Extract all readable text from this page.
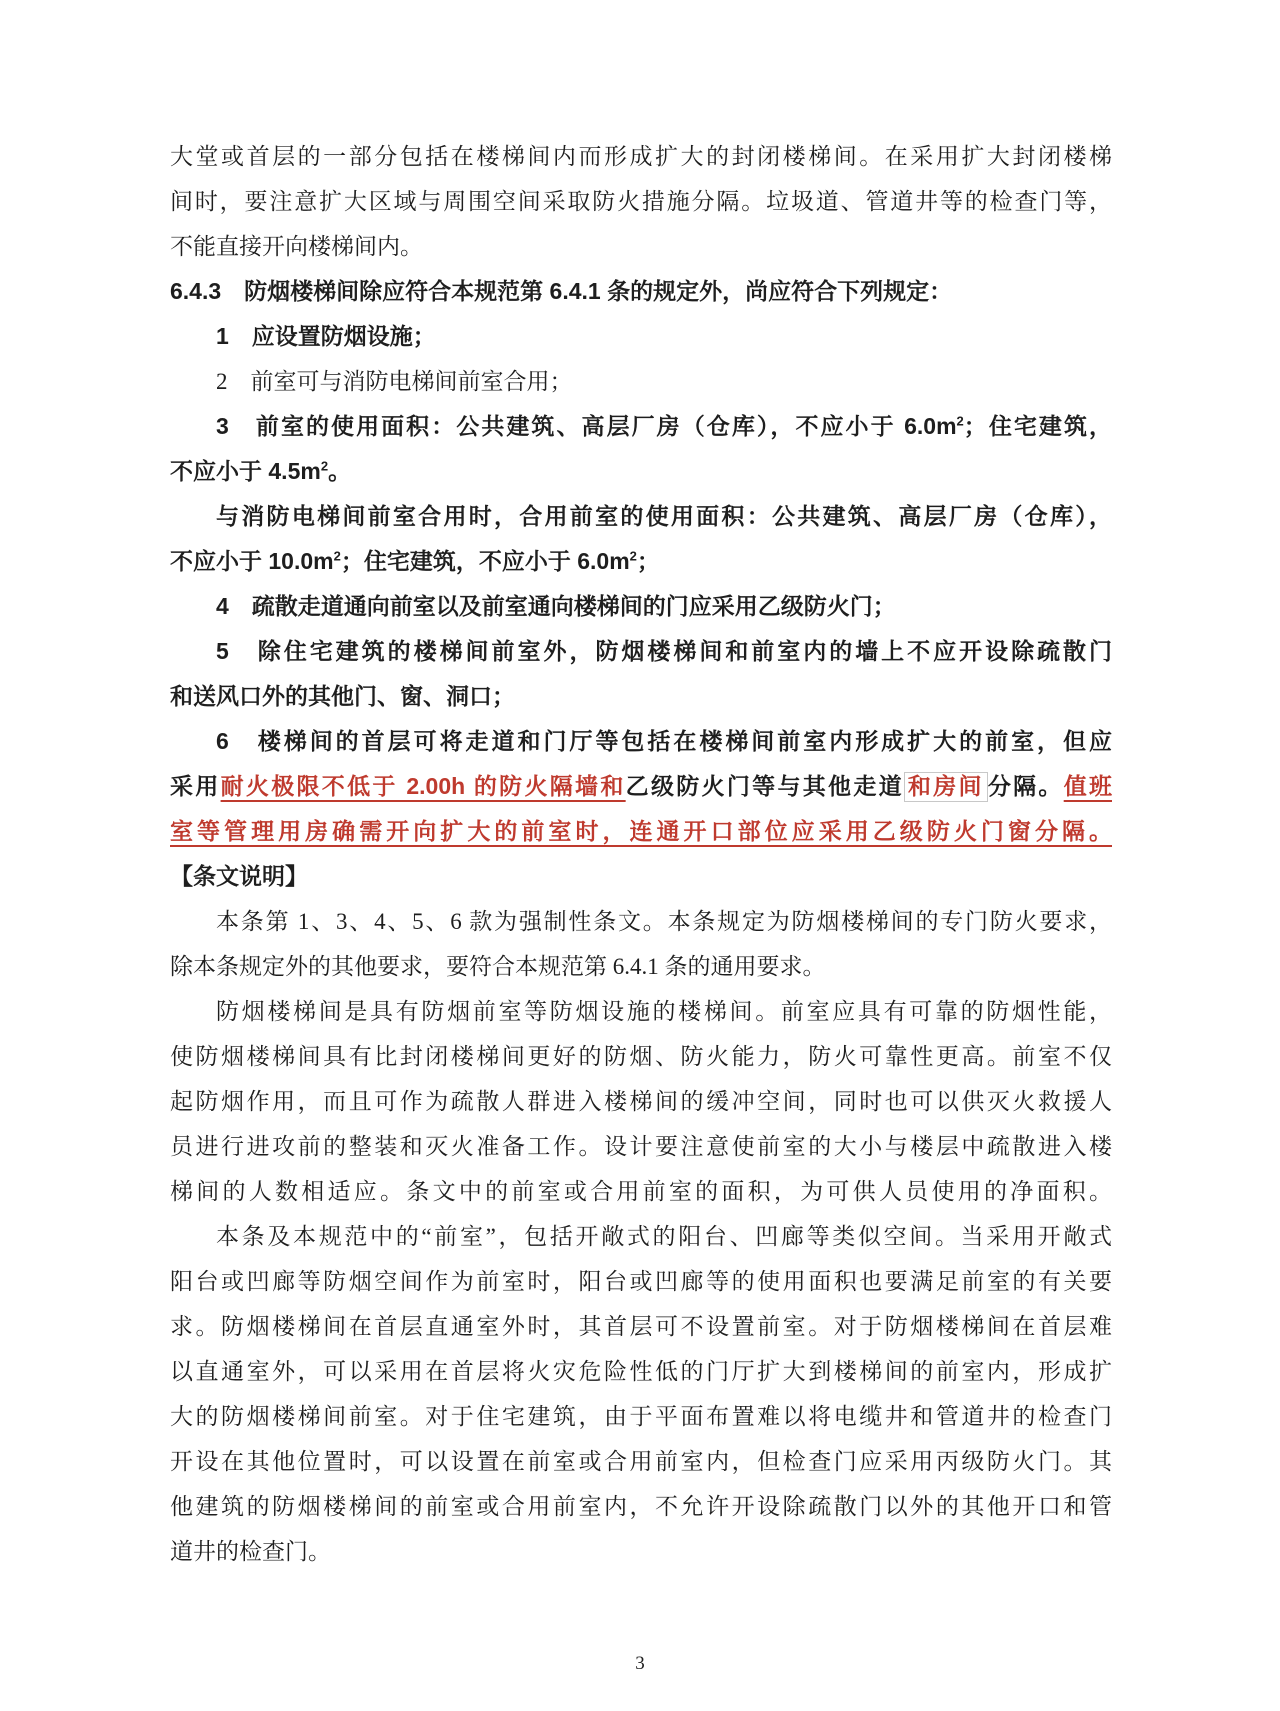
大堂或首层的一部分包括在楼梯间内而形成扩大的封闭楼梯间。在采用扩大封闭楼梯
间时，要注意扩大区域与周围空间采取防火措施分隔。垃圾道、管道井等的检查门等，
不能直接开向楼梯间内。
6.4.3　防烟楼梯间除应符合本规范第 6.4.1 条的规定外，尚应符合下列规定：
1　应设置防烟设施；
2　前室可与消防电梯间前室合用；
3　前室的使用面积：公共建筑、高层厂房（仓库），不应小于 $6.0m^2$；住宅建筑，
不应小于 $4.5m^2$。
与消防电梯间前室合用时，合用前室的使用面积：公共建筑、高层厂房（仓库），
不应小于 $10.0m^2$；住宅建筑，不应小于 $6.0m^2$；
4　疏散走道通向前室以及前室通向楼梯间的门应采用乙级防火门；
5　除住宅建筑的楼梯间前室外，防烟楼梯间和前室内的墙上不应开设除疏散门
和送风口外的其他门、窗、洞口；
6　楼梯间的首层可将走道和门厅等包括在楼梯间前室内形成扩大的前室，但应
采用耐火极限不低于 2.00h 的防火隔墙和乙级防火门等与其他走道 和房间 分隔。值班
室等管理用房确需开向扩大的前室时，连通开口部位应采用乙级防火门窗分隔。
【条文说明】
本条第 1、3、4、5、6 款为强制性条文。本条规定为防烟楼梯间的专门防火要求，
除本条规定外的其他要求，要符合本规范第 6.4.1 条的通用要求。
防烟楼梯间是具有防烟前室等防烟设施的楼梯间。前室应具有可靠的防烟性能，
使防烟楼梯间具有比封闭楼梯间更好的防烟、防火能力，防火可靠性更高。前室不仅
起防烟作用，而且可作为疏散人群进入楼梯间的缓冲空间，同时也可以供灭火救援人
员进行进攻前的整装和灭火准备工作。设计要注意使前室的大小与楼层中疏散进入楼
梯间的人数相适应。条文中的前室或合用前室的面积，为可供人员使用的净面积。
本条及本规范中的“前室”，包括开敞式的阳台、凹廊等类似空间。当采用开敞式
阳台或凹廊等防烟空间作为前室时，阳台或凹廊等的使用面积也要满足前室的有关要
求。防烟楼梯间在首层直通室外时，其首层可不设置前室。对于防烟楼梯间在首层难
以直通室外，可以采用在首层将火灾危险性低的门厅扩大到楼梯间的前室内，形成扩
大的防烟楼梯间前室。对于住宅建筑，由于平面布置难以将电缆井和管道井的检查门
开设在其他位置时，可以设置在前室或合用前室内，但检查门应采用丙级防火门。其
他建筑的防烟楼梯间的前室或合用前室内，不允许开设除疏散门以外的其他开口和管
道井的检查门。
3
